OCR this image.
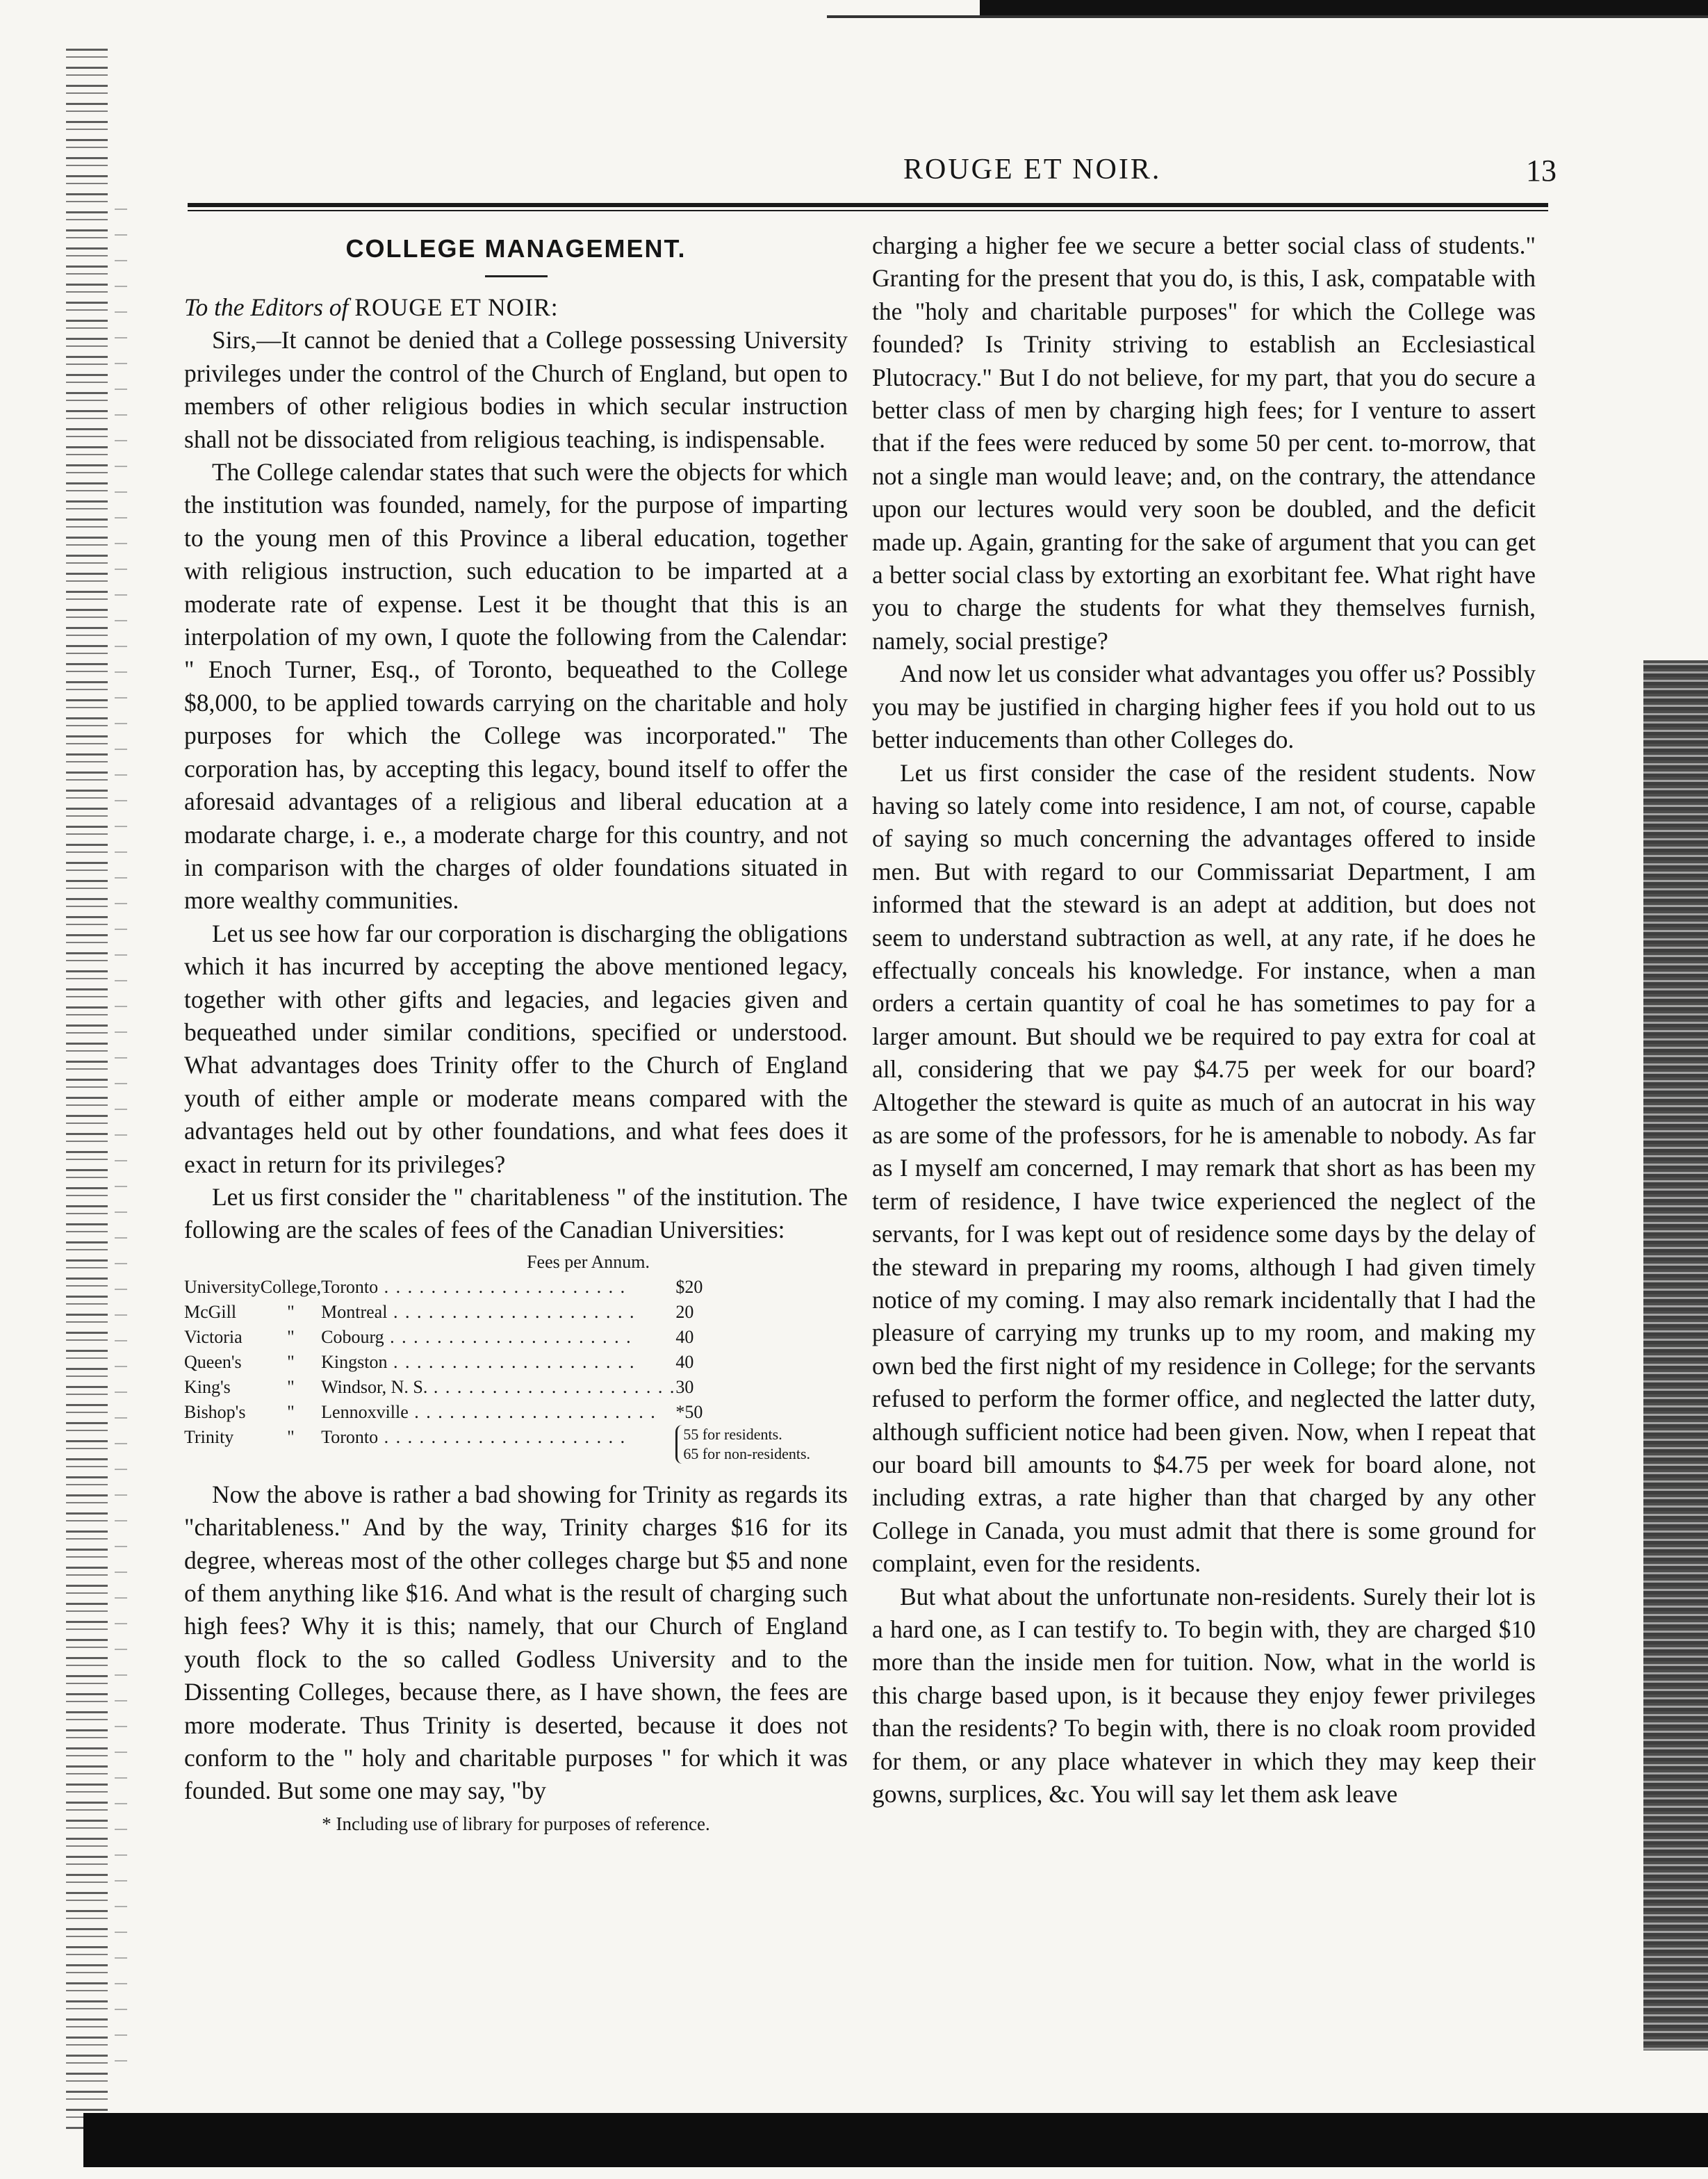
ROUGE ET NOIR.	13
COLLEGE MANAGEMENT.

To the Editors of ROUGE ET NOIR:

Sirs,—It cannot be denied that a College possessing University privileges under the control of the Church of England, but open to members of other religious bodies in which secular instruction shall not be dissociated from religious teaching, is indispensable.

The College calendar states that such were the objects for which the institution was founded, namely, for the purpose of imparting to the young men of this Province a liberal education, together with religious instruction, such education to be imparted at a moderate rate of expense. Lest it be thought that this is an interpolation of my own, I quote the following from the Calendar: " Enoch Turner, Esq., of Toronto, bequeathed to the College $8,000, to be applied towards carrying on the charitable and holy purposes for which the College was incorporated." The corporation has, by accepting this legacy, bound itself to offer the aforesaid advantages of a religious and liberal education at a modarate charge, i. e., a moderate charge for this country, and not in comparison with the charges of older foundations situated in more wealthy communities.

Let us see how far our corporation is discharging the obligations which it has incurred by accepting the above mentioned legacy, together with other gifts and legacies, and legacies given and bequeathed under similar conditions, specified or understood. What advantages does Trinity offer to the Church of England youth of either ample or moderate means compared with the advantages held out by other foundations, and what fees does it exact in return for its privileges?

Let us first consider the " charitableness " of the institution. The following are the scales of fees of the Canadian Universities:

Fees per Annum.
University	College,	Toronto . . . . . . . . . . . . . . . . . . . . .	$20
McGill	"	Montreal . . . . . . . . . . . . . . . . . . . . .	20
Victoria	"	Cobourg . . . . . . . . . . . . . . . . . . . . .	40
Queen's	"	Kingston . . . . . . . . . . . . . . . . . . . . .	40
King's	"	Windsor, N. S. . . . . . . . . . . . . . . . . . . . . .	30
Bishop's	"	Lennoxville . . . . . . . . . . . . . . . . . . . . .	*50
Trinity	"	Toronto . . . . . . . . . . . . . . . . . . . . .	55 for residents.
65 for non-residents.

Now the above is rather a bad showing for Trinity as regards its "charitableness." And by the way, Trinity charges $16 for its degree, whereas most of the other colleges charge but $5 and none of them anything like $16. And what is the result of charging such high fees? Why it is this; namely, that our Church of England youth flock to the so called Godless University and to the Dissenting Colleges, because there, as I have shown, the fees are more moderate. Thus Trinity is deserted, because it does not conform to the " holy and charitable purposes " for which it was founded. But some one may say, "by

* Including use of library for purposes of reference.

charging a higher fee we secure a better social class of students." Granting for the present that you do, is this, I ask, compatable with the "holy and charitable purposes" for which the College was founded? Is Trinity striving to establish an Ecclesiastical Plutocracy." But I do not believe, for my part, that you do secure a better class of men by charging high fees; for I venture to assert that if the fees were reduced by some 50 per cent. to-morrow, that not a single man would leave; and, on the contrary, the attendance upon our lectures would very soon be doubled, and the deficit made up. Again, granting for the sake of argument that you can get a better social class by extorting an exorbitant fee. What right have you to charge the students for what they themselves furnish, namely, social prestige?

And now let us consider what advantages you offer us? Possibly you may be justified in charging higher fees if you hold out to us better inducements than other Colleges do.

Let us first consider the case of the resident students. Now having so lately come into residence, I am not, of course, capable of saying so much concerning the advantages offered to inside men. But with regard to our Commissariat Department, I am informed that the steward is an adept at addition, but does not seem to understand subtraction as well, at any rate, if he does he effectually conceals his knowledge. For instance, when a man orders a certain quantity of coal he has sometimes to pay for a larger amount. But should we be required to pay extra for coal at all, considering that we pay $4.75 per week for our board? Altogether the steward is quite as much of an autocrat in his way as are some of the professors, for he is amenable to nobody. As far as I myself am concerned, I may remark that short as has been my term of residence, I have twice experienced the neglect of the servants, for I was kept out of residence some days by the delay of the steward in preparing my rooms, although I had given timely notice of my coming. I may also remark incidentally that I had the pleasure of carrying my trunks up to my room, and making my own bed the first night of my residence in College; for the servants refused to perform the former office, and neglected the latter duty, although sufficient notice had been given. Now, when I repeat that our board bill amounts to $4.75 per week for board alone, not including extras, a rate higher than that charged by any other College in Canada, you must admit that there is some ground for complaint, even for the residents.

But what about the unfortunate non-residents. Surely their lot is a hard one, as I can testify to. To begin with, they are charged $10 more than the inside men for tuition. Now, what in the world is this charge based upon, is it because they enjoy fewer privileges than the residents? To begin with, there is no cloak room provided for them, or any place whatever in which they may keep their gowns, surplices, &c. You will say let them ask leave
